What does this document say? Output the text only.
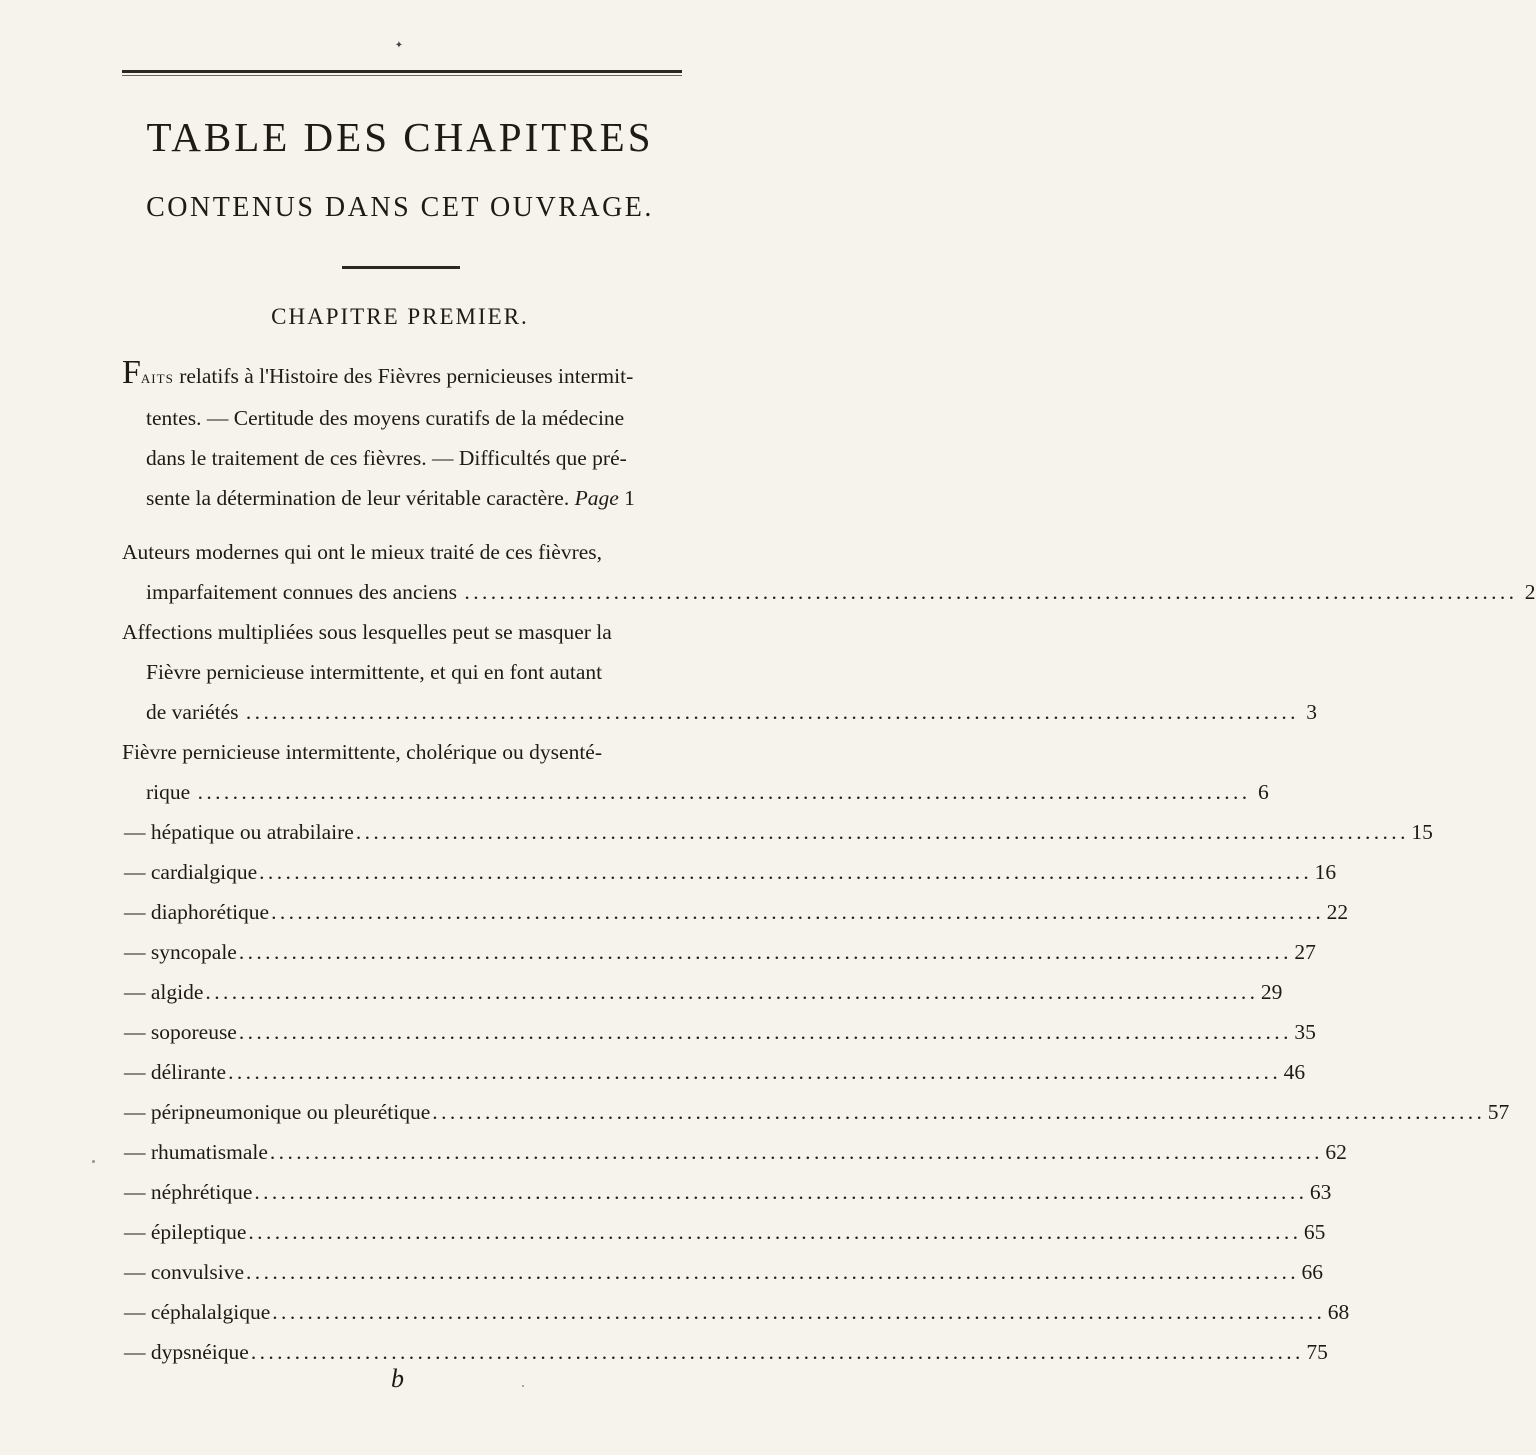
✦
TABLE DES CHAPITRES
CONTENUS DANS CET OUVRAGE.
CHAPITRE PREMIER.
Faits relatifs à l'Histoire des Fièvres pernicieuses intermit-
tentes. — Certitude des moyens curatifs de la médecine
dans le traitement de ces fièvres. — Difficultés que pré-
sente la détermination de leur véritable caractère. Page 1
Auteurs modernes qui ont le mieux traité de ces fièvres,
imparfaitement connues des anciens .....	2
Affections multipliées sous lesquelles peut se masquer la
Fièvre pernicieuse intermittente, et qui en font autant
de variétés .....	3
Fièvre pernicieuse intermittente, cholérique ou dysenté-
rique .....	6
— hépatique ou atrabilaire .....	15
— cardialgique .....	16
— diaphorétique .....	22
— syncopale .....	27
— algide .....	29
— soporeuse .....	35
— délirante .....	46
— péripneumonique ou pleurétique .....	57
— rhumatismale .....	62
— néphrétique .....	63
— épileptique .....	65
— convulsive .....	66
— céphalalgique .....	68
— dypsnéique .....	75
b
